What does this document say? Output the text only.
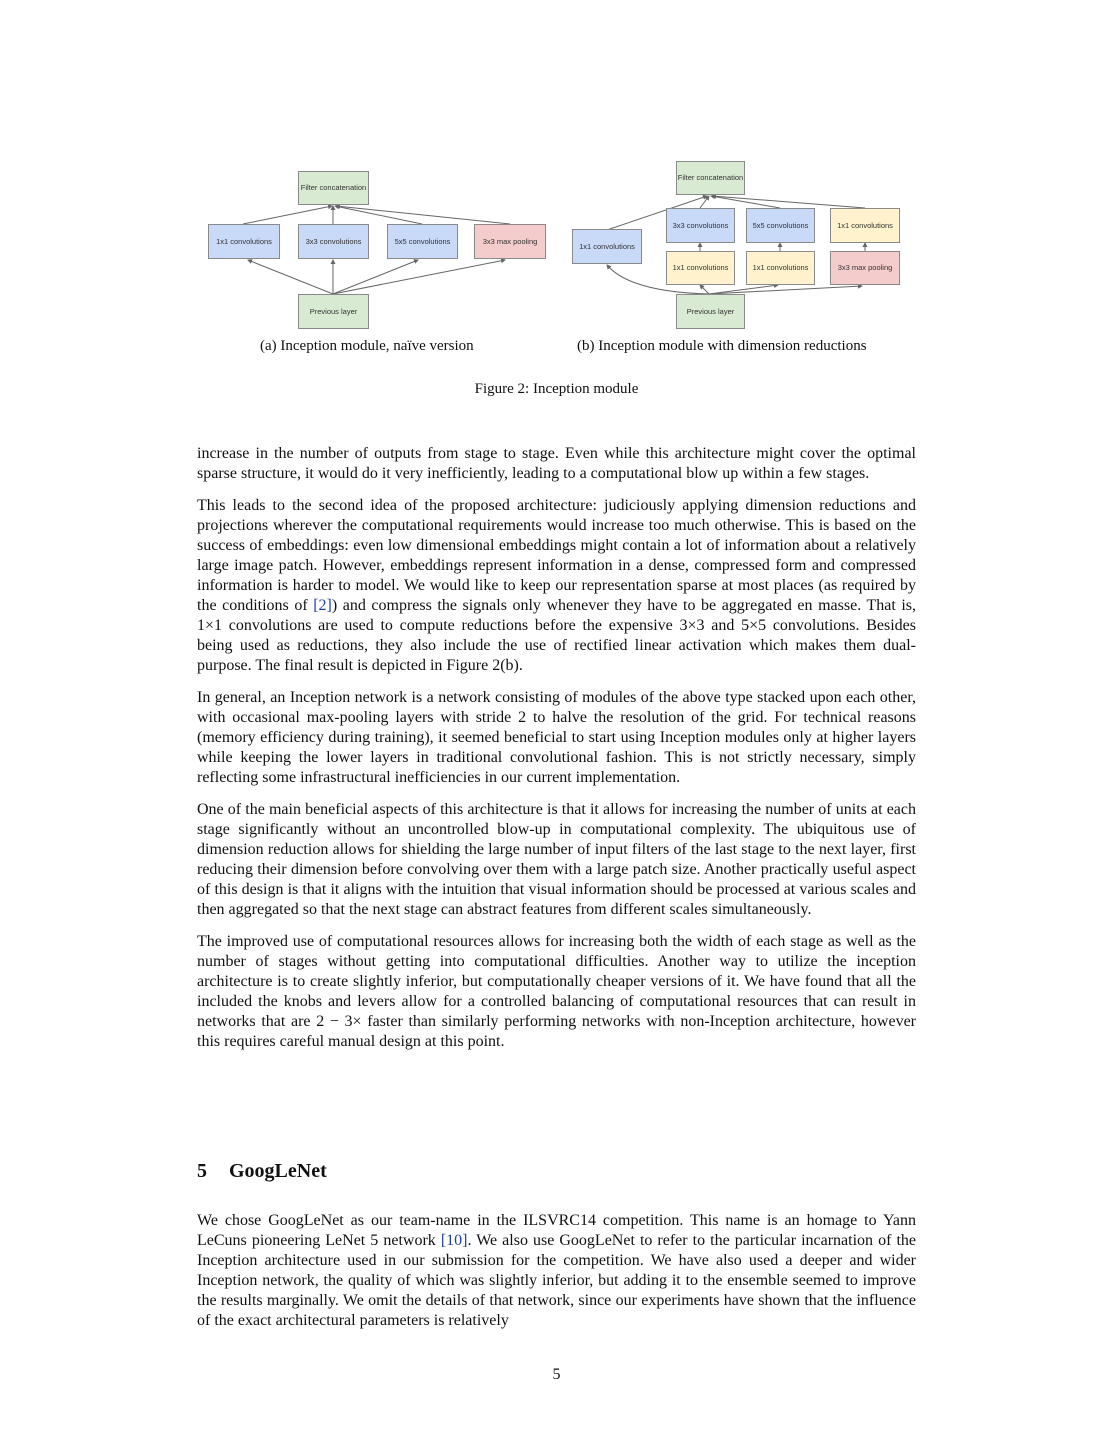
Filter concatenation
1x1 convolutions	3x3 convolutions	5x5 convolutions	3x3 max pooling
Previous layer
(a) Inception module, naïve version
Filter concatenation
1x1 convolutions
3x3 convolutions	5x5 convolutions	1x1 convolutions
1x1 convolutions	1x1 convolutions	3x3 max pooling
Previous layer
(b) Inception module with dimension reductions
Figure 2: Inception module

increase in the number of outputs from stage to stage. Even while this architecture might cover the optimal sparse structure, it would do it very inefficiently, leading to a computational blow up within a few stages.

This leads to the second idea of the proposed architecture: judiciously applying dimension reductions and projections wherever the computational requirements would increase too much otherwise. This is based on the success of embeddings: even low dimensional embeddings might contain a lot of information about a relatively large image patch. However, embeddings represent information in a dense, compressed form and compressed information is harder to model. We would like to keep our representation sparse at most places (as required by the conditions of [2]) and compress the signals only whenever they have to be aggregated en masse. That is, 1×1 convolutions are used to compute reductions before the expensive 3×3 and 5×5 convolutions. Besides being used as reductions, they also include the use of rectified linear activation which makes them dual-purpose. The final result is depicted in Figure 2(b).

In general, an Inception network is a network consisting of modules of the above type stacked upon each other, with occasional max-pooling layers with stride 2 to halve the resolution of the grid. For technical reasons (memory efficiency during training), it seemed beneficial to start using Inception modules only at higher layers while keeping the lower layers in traditional convolutional fashion. This is not strictly necessary, simply reflecting some infrastructural inefficiencies in our current implementation.

One of the main beneficial aspects of this architecture is that it allows for increasing the number of units at each stage significantly without an uncontrolled blow-up in computational complexity. The ubiquitous use of dimension reduction allows for shielding the large number of input filters of the last stage to the next layer, first reducing their dimension before convolving over them with a large patch size. Another practically useful aspect of this design is that it aligns with the intuition that visual information should be processed at various scales and then aggregated so that the next stage can abstract features from different scales simultaneously.

The improved use of computational resources allows for increasing both the width of each stage as well as the number of stages without getting into computational difficulties. Another way to utilize the inception architecture is to create slightly inferior, but computationally cheaper versions of it. We have found that all the included the knobs and levers allow for a controlled balancing of computational resources that can result in networks that are 2 − 3× faster than similarly performing networks with non-Inception architecture, however this requires careful manual design at this point.

5 GoogLeNet

We chose GoogLeNet as our team-name in the ILSVRC14 competition. This name is an homage to Yann LeCuns pioneering LeNet 5 network [10]. We also use GoogLeNet to refer to the particular incarnation of the Inception architecture used in our submission for the competition. We have also used a deeper and wider Inception network, the quality of which was slightly inferior, but adding it to the ensemble seemed to improve the results marginally. We omit the details of that network, since our experiments have shown that the influence of the exact architectural parameters is relatively

5
